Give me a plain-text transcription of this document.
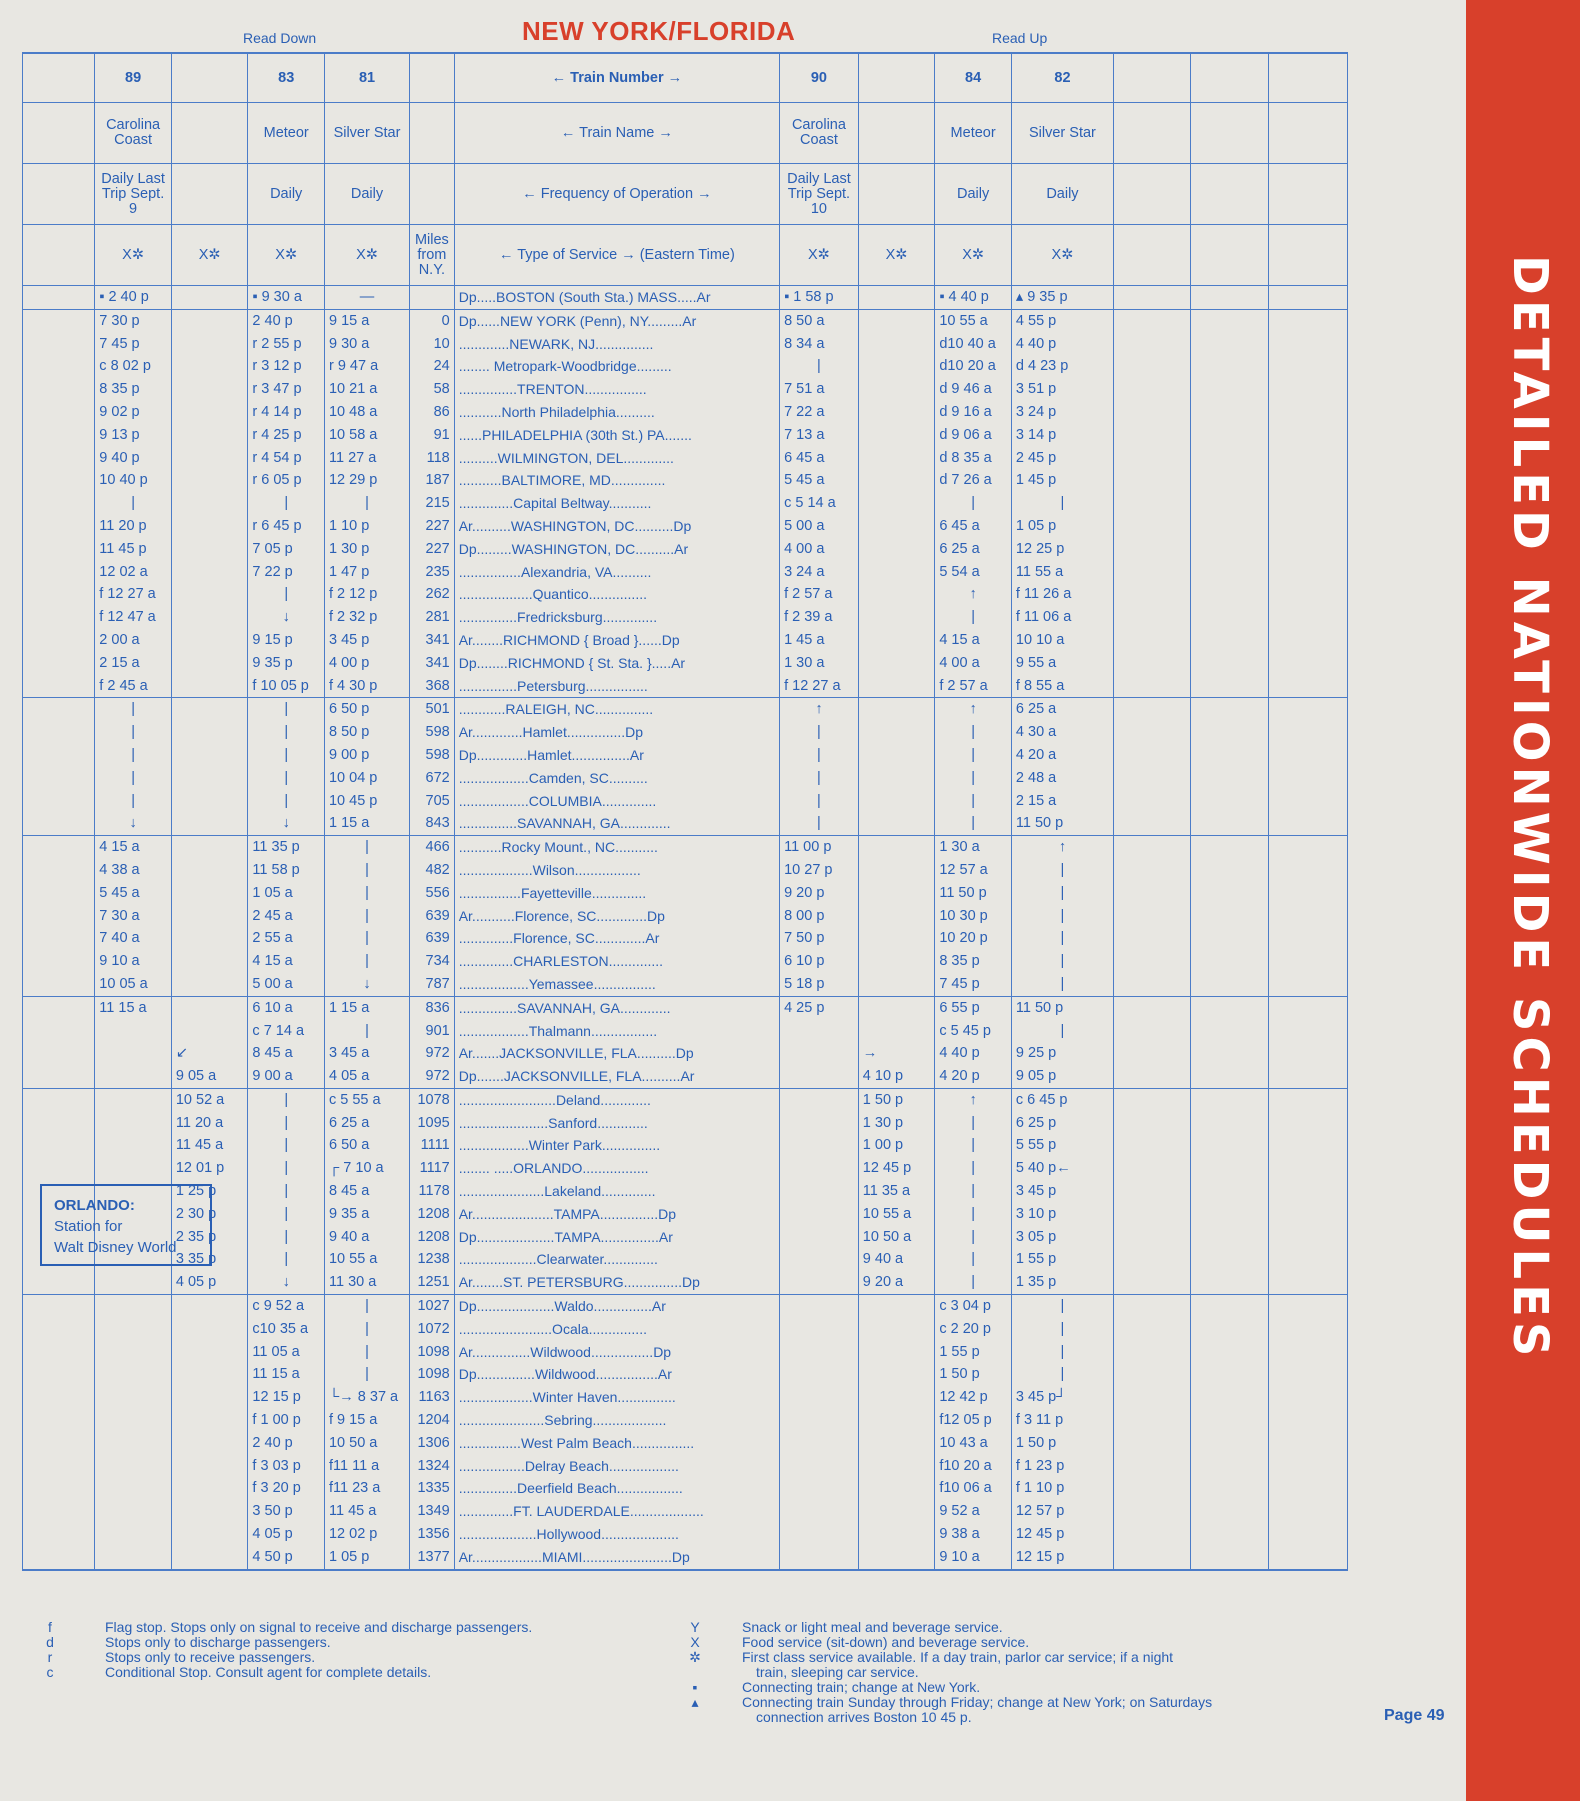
Read Down	NEW YORK/FLORIDA	Read Up
	89		83	81		← Train Number →	90		84	82			
	Carolina Coast		Meteor	Silver Star		← Train Name →	Carolina Coast		Meteor	Silver Star			
	Daily Last Trip Sept. 9		Daily	Daily		← Frequency of Operation →	Daily Last Trip Sept. 10		Daily	Daily			
	X✲	X✲	X✲	X✲	Miles from N.Y.	← Type of Service → (Eastern Time)	X✲	X✲	X✲	X✲			
	▪ 2 40 p		▪ 9 30 a	—		Dp.....BOSTON (South Sta.) MASS.....Ar	▪ 1 58 p		▪ 4 40 p	▴ 9 35 p			
	7 30 p		2 40 p	9 15 a	0	Dp......NEW YORK (Penn), NY.........Ar	8 50 a		10 55 a	4 55 p			
	7 45 p		r 2 55 p	9 30 a	10	.............NEWARK, NJ...............	8 34 a		d10 40 a	4 40 p			
	c 8 02 p		r 3 12 p	r 9 47 a	24	........ Metropark-Woodbridge.........	|		d10 20 a	d 4 23 p			
	8 35 p		r 3 47 p	10 21 a	58	...............TRENTON................	7 51 a		d 9 46 a	3 51 p			
	9 02 p		r 4 14 p	10 48 a	86	...........North Philadelphia..........	7 22 a		d 9 16 a	3 24 p			
	9 13 p		r 4 25 p	10 58 a	91	......PHILADELPHIA (30th St.) PA.......	7 13 a		d 9 06 a	3 14 p			
	9 40 p		r 4 54 p	11 27 a	118	..........WILMINGTON, DEL.............	6 45 a		d 8 35 a	2 45 p			
	10 40 p		r 6 05 p	12 29 p	187	...........BALTIMORE, MD..............	5 45 a		d 7 26 a	1 45 p			
	|		|	|	215	..............Capital Beltway...........	c 5 14 a		|	|			
	11 20 p		r 6 45 p	1 10 p	227	Ar..........WASHINGTON, DC..........Dp	5 00 a		6 45 a	1 05 p			
	11 45 p		7 05 p	1 30 p	227	Dp.........WASHINGTON, DC..........Ar	4 00 a		6 25 a	12 25 p			
	12 02 a		7 22 p	1 47 p	235	................Alexandria, VA..........	3 24 a		5 54 a	11 55 a			
	f 12 27 a		|	f 2 12 p	262	...................Quantico...............	f 2 57 a		↑	f 11 26 a			
	f 12 47 a		↓	f 2 32 p	281	...............Fredricksburg..............	f 2 39 a		|	f 11 06 a			
	2 00 a		9 15 p	3 45 p	341	Ar........RICHMOND { Broad }......Dp	1 45 a		4 15 a	10 10 a			
	2 15 a		9 35 p	4 00 p	341	Dp........RICHMOND { St. Sta. }.....Ar	1 30 a		4 00 a	9 55 a			
	f 2 45 a		f 10 05 p	f 4 30 p	368	...............Petersburg................	f 12 27 a		f 2 57 a	f 8 55 a			
	|		|	6 50 p	501	............RALEIGH, NC...............	↑		↑	6 25 a			
	|		|	8 50 p	598	Ar.............Hamlet...............Dp	|		|	4 30 a			
	|		|	9 00 p	598	Dp.............Hamlet...............Ar	|		|	4 20 a			
	|		|	10 04 p	672	..................Camden, SC..........	|		|	2 48 a			
	|		|	10 45 p	705	..................COLUMBIA..............	|		|	2 15 a			
	↓		↓	1 15 a	843	...............SAVANNAH, GA.............	|		|	11 50 p			
	4 15 a		11 35 p	|	466	...........Rocky Mount., NC...........	11 00 p		1 30 a	↑			
	4 38 a		11 58 p	|	482	...................Wilson.................	10 27 p		12 57 a	|			
	5 45 a		1 05 a	|	556	................Fayetteville..............	9 20 p		11 50 p	|			
	7 30 a		2 45 a	|	639	Ar...........Florence, SC.............Dp	8 00 p		10 30 p	|			
	7 40 a		2 55 a	|	639	..............Florence, SC.............Ar	7 50 p		10 20 p	|			
	9 10 a		4 15 a	|	734	..............CHARLESTON..............	6 10 p		8 35 p	|			
	10 05 a		5 00 a	↓	787	..................Yemassee................	5 18 p		7 45 p	|			
	11 15 a		6 10 a	1 15 a	836	...............SAVANNAH, GA.............	4 25 p		6 55 p	11 50 p			
			c 7 14 a	|	901	..................Thalmann.................			c 5 45 p	|			
		↙	8 45 a	3 45 a	972	Ar.......JACKSONVILLE, FLA..........Dp		→	4 40 p	9 25 p			
		9 05 a	9 00 a	4 05 a	972	Dp.......JACKSONVILLE, FLA..........Ar		4 10 p	4 20 p	9 05 p			
		10 52 a	|	c 5 55 a	1078	.........................Deland.............		1 50 p	↑	c 6 45 p			
		11 20 a	|	6 25 a	1095	.......................Sanford.............		1 30 p	|	6 25 p			
		11 45 a	|	6 50 a	1111	..................Winter Park...............		1 00 p	|	5 55 p			
		12 01 p	|	┌ 7 10 a	1117	........ .....ORLANDO.................		12 45 p	|	5 40 p←			
		1 25 p	|	8 45 a	1178	......................Lakeland..............		11 35 a	|	3 45 p			
		2 30 p	|	9 35 a	1208	Ar.....................TAMPA...............Dp		10 55 a	|	3 10 p			
		2 35 p	|	9 40 a	1208	Dp....................TAMPA...............Ar		10 50 a	|	3 05 p			
		3 35 p	|	10 55 a	1238	....................Clearwater..............		9 40 a	|	1 55 p			
		4 05 p	↓	11 30 a	1251	Ar........ST. PETERSBURG...............Dp		9 20 a	|	1 35 p			
			c 9 52 a	|	1027	Dp....................Waldo...............Ar			c 3 04 p	|			
			c10 35 a	|	1072	........................Ocala...............			c 2 20 p	|			
			11 05 a	|	1098	Ar...............Wildwood................Dp			1 55 p	|			
			11 15 a	|	1098	Dp...............Wildwood................Ar			1 50 p	|			
			12 15 p	└→ 8 37 a	1163	...................Winter Haven...............			12 42 p	3 45 p┘			
			f 1 00 p	f 9 15 a	1204	......................Sebring...................			f12 05 p	f 3 11 p			
			2 40 p	10 50 a	1306	................West Palm Beach................			10 43 a	1 50 p			
			f 3 03 p	f11 11 a	1324	.................Delray Beach..................			f10 20 a	f 1 23 p			
			f 3 20 p	f11 23 a	1335	...............Deerfield Beach.................			f10 06 a	f 1 10 p			
			3 50 p	11 45 a	1349	..............FT. LAUDERDALE...................			9 52 a	12 57 p			
			4 05 p	12 02 p	1356	....................Hollywood....................			9 38 a	12 45 p			
			4 50 p	1 05 p	1377	Ar..................MIAMI.......................Dp			9 10 a	12 15 p			
ORLANDO:
Station for
Walt Disney World
f	Flag stop. Stops only on signal to receive and discharge passengers.
d	Stops only to discharge passengers.
r	Stops only to receive passengers.
c	Conditional Stop. Consult agent for complete details.
Y	Snack or light meal and beverage service.
X	Food service (sit-down) and beverage service.
✲	First class service available. If a day train, parlor car service; if a night
train, sleeping car service.
▪	Connecting train; change at New York.
▴	Connecting train Sunday through Friday; change at New York; on Saturdays
connection arrives Boston 10 45 p.	Page 49
DETAILED NATIONWIDE SCHEDULES
